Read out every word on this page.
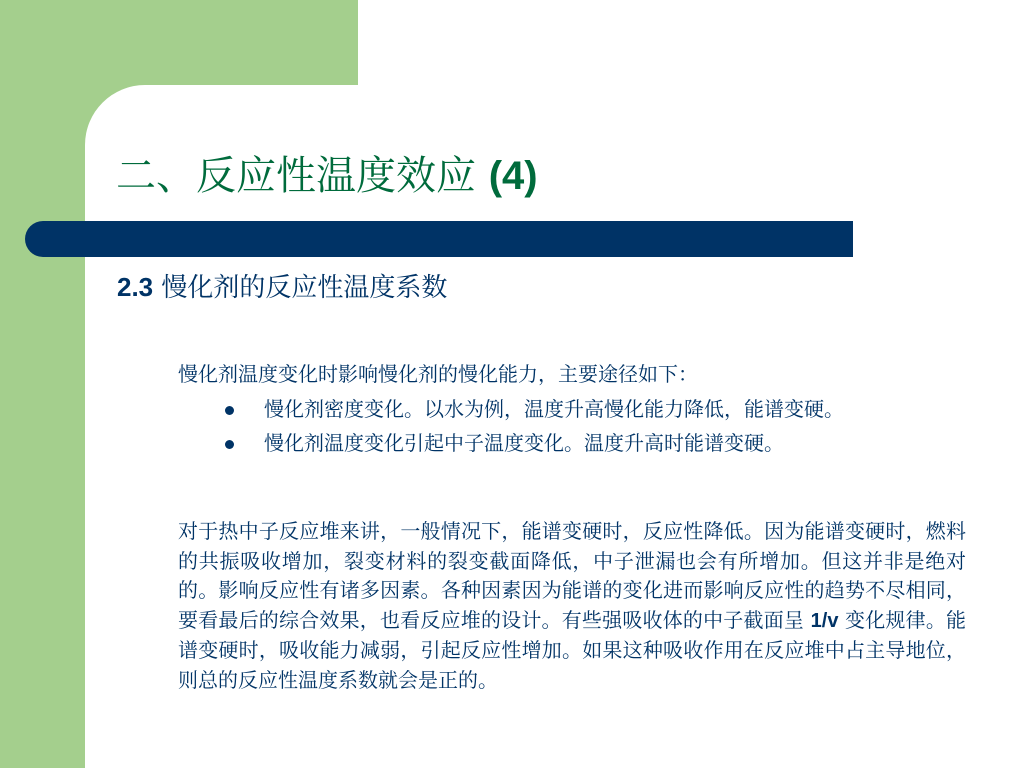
二、反应性温度效应 (4)
2.3 慢化剂的反应性温度系数

慢化剂温度变化时影响慢化剂的慢化能力，主要途径如下：

慢化剂密度变化。以水为例，温度升高慢化能力降低，能谱变硬。
慢化剂温度变化引起中子温度变化。温度升高时能谱变硬。

对于热中子反应堆来讲，一般情况下，能谱变硬时，反应性降低。因为能谱变硬时，燃料的共振吸收增加，裂变材料的裂变截面降低，中子泄漏也会有所增加。但这并非是绝对的。影响反应性有诸多因素。各种因素因为能谱的变化进而影响反应性的趋势不尽相同，要看最后的综合效果，也看反应堆的设计。有些强吸收体的中子截面呈 1/v 变化规律。能谱变硬时，吸收能力减弱，引起反应性增加。如果这种吸收作用在反应堆中占主导地位，则总的反应性温度系数就会是正的。
